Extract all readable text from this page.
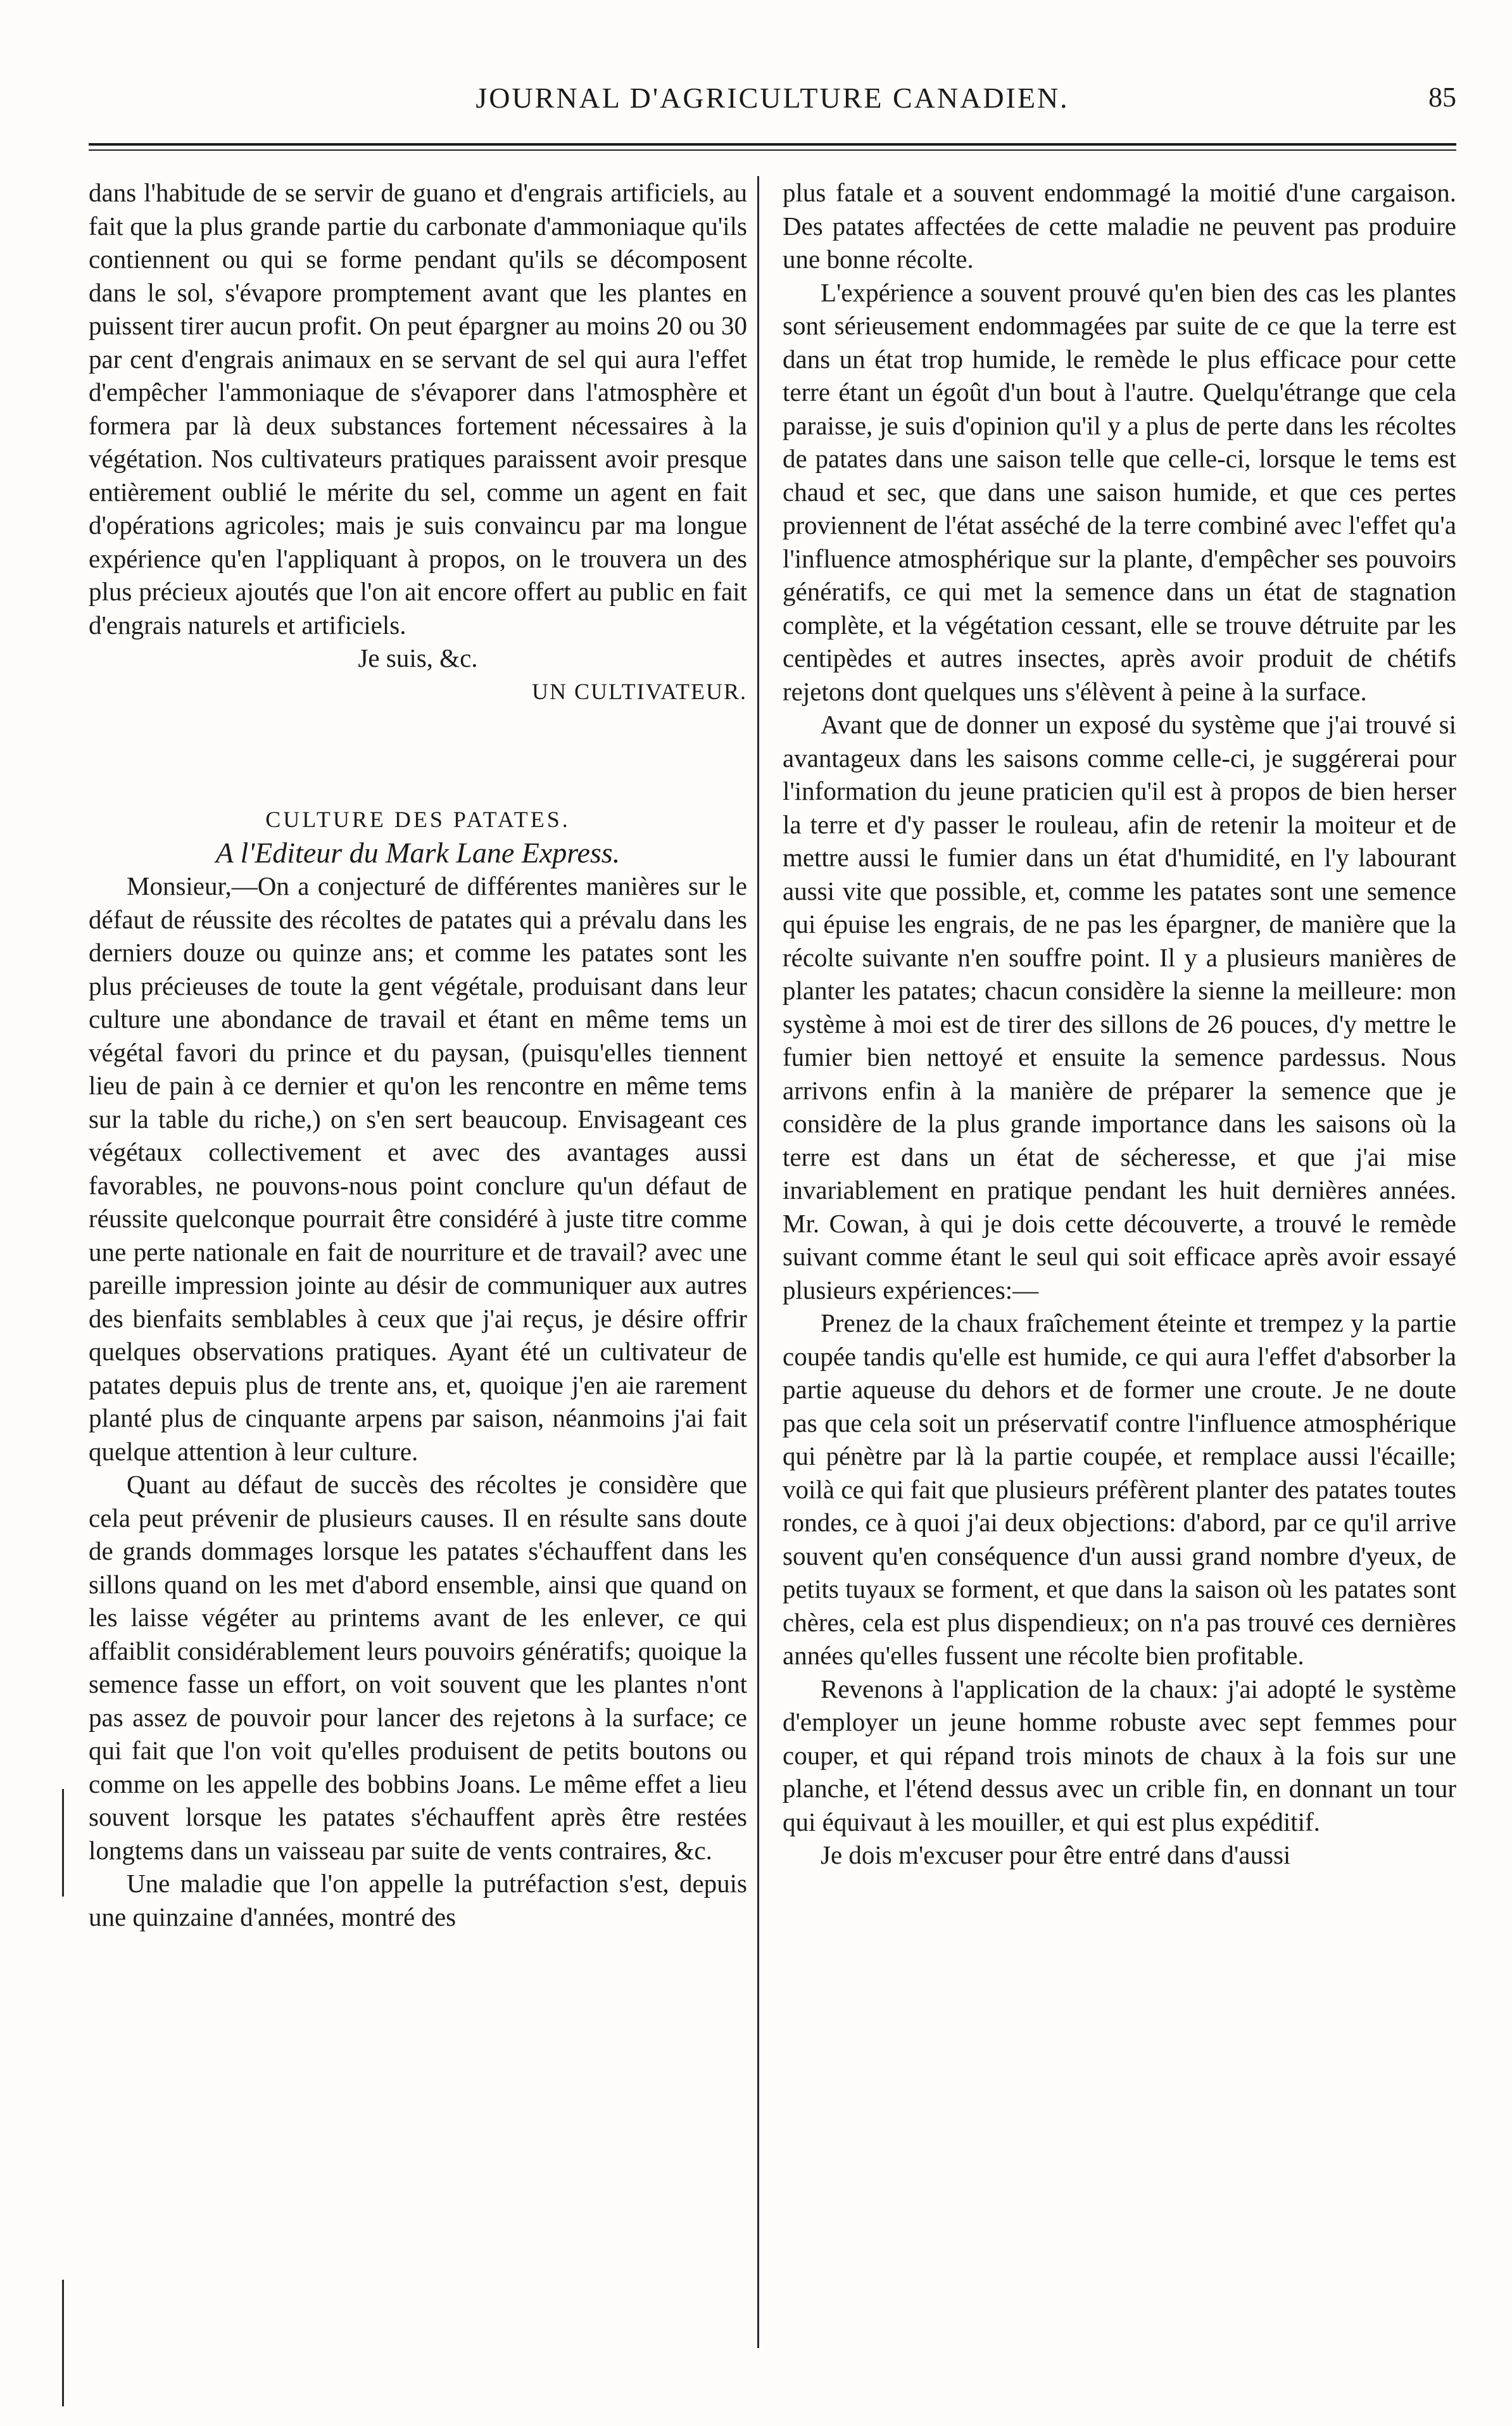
JOURNAL D'AGRICULTURE CANADIEN.	85

dans l'habitude de se servir de guano et d'engrais artificiels, au fait que la plus grande partie du carbonate d'ammoniaque qu'ils contiennent ou qui se forme pendant qu'ils se décomposent dans le sol, s'évapore promptement avant que les plantes en puissent tirer aucun profit. On peut épargner au moins 20 ou 30 par cent d'engrais animaux en se servant de sel qui aura l'effet d'empêcher l'ammoniaque de s'évaporer dans l'atmosphère et formera par là deux substances fortement nécessaires à la végétation. Nos cultivateurs pratiques paraissent avoir presque entièrement oublié le mérite du sel, comme un agent en fait d'opérations agricoles; mais je suis convaincu par ma longue expérience qu'en l'appliquant à propos, on le trouvera un des plus précieux ajoutés que l'on ait encore offert au public en fait d'engrais naturels et artificiels.

Je suis, &c.

UN CULTIVATEUR.

CULTURE DES PATATES.

A l'Editeur du Mark Lane Express.

Monsieur,—On a conjecturé de différentes manières sur le défaut de réussite des récoltes de patates qui a prévalu dans les derniers douze ou quinze ans; et comme les patates sont les plus précieuses de toute la gent végétale, produisant dans leur culture une abondance de travail et étant en même tems un végétal favori du prince et du paysan, (puisqu'elles tiennent lieu de pain à ce dernier et qu'on les rencontre en même tems sur la table du riche,) on s'en sert beaucoup. Envisageant ces végétaux collectivement et avec des avantages aussi favorables, ne pouvons-nous point conclure qu'un défaut de réussite quelconque pourrait être considéré à juste titre comme une perte nationale en fait de nourriture et de travail? avec une pareille impression jointe au désir de communiquer aux autres des bienfaits semblables à ceux que j'ai reçus, je désire offrir quelques observations pratiques. Ayant été un cultivateur de patates depuis plus de trente ans, et, quoique j'en aie rarement planté plus de cinquante arpens par saison, néanmoins j'ai fait quelque attention à leur culture.

Quant au défaut de succès des récoltes je considère que cela peut prévenir de plusieurs causes. Il en résulte sans doute de grands dommages lorsque les patates s'échauffent dans les sillons quand on les met d'abord ensemble, ainsi que quand on les laisse végéter au printems avant de les enlever, ce qui affaiblit considérablement leurs pouvoirs génératifs; quoique la semence fasse un effort, on voit souvent que les plantes n'ont pas assez de pouvoir pour lancer des rejetons à la surface; ce qui fait que l'on voit qu'elles produisent de petits boutons ou comme on les appelle des bobbins Joans. Le même effet a lieu souvent lorsque les patates s'échauffent après être restées longtems dans un vaisseau par suite de vents contraires, &c.

Une maladie que l'on appelle la putréfaction s'est, depuis une quinzaine d'années, montré des

plus fatale et a souvent endommagé la moitié d'une cargaison. Des patates affectées de cette maladie ne peuvent pas produire une bonne récolte.

L'expérience a souvent prouvé qu'en bien des cas les plantes sont sérieusement endommagées par suite de ce que la terre est dans un état trop humide, le remède le plus efficace pour cette terre étant un égoût d'un bout à l'autre. Quelqu'étrange que cela paraisse, je suis d'opinion qu'il y a plus de perte dans les récoltes de patates dans une saison telle que celle-ci, lorsque le tems est chaud et sec, que dans une saison humide, et que ces pertes proviennent de l'état asséché de la terre combiné avec l'effet qu'a l'influence atmosphérique sur la plante, d'empêcher ses pouvoirs génératifs, ce qui met la semence dans un état de stagnation complète, et la végétation cessant, elle se trouve détruite par les centipèdes et autres insectes, après avoir produit de chétifs rejetons dont quelques uns s'élèvent à peine à la surface.

Avant que de donner un exposé du système que j'ai trouvé si avantageux dans les saisons comme celle-ci, je suggérerai pour l'information du jeune praticien qu'il est à propos de bien herser la terre et d'y passer le rouleau, afin de retenir la moiteur et de mettre aussi le fumier dans un état d'humidité, en l'y labourant aussi vite que possible, et, comme les patates sont une semence qui épuise les engrais, de ne pas les épargner, de manière que la récolte suivante n'en souffre point. Il y a plusieurs manières de planter les patates; chacun considère la sienne la meilleure: mon système à moi est de tirer des sillons de 26 pouces, d'y mettre le fumier bien nettoyé et ensuite la semence pardessus. Nous arrivons enfin à la manière de préparer la semence que je considère de la plus grande importance dans les saisons où la terre est dans un état de sécheresse, et que j'ai mise invariablement en pratique pendant les huit dernières années. Mr. Cowan, à qui je dois cette découverte, a trouvé le remède suivant comme étant le seul qui soit efficace après avoir essayé plusieurs expériences:—

Prenez de la chaux fraîchement éteinte et trempez y la partie coupée tandis qu'elle est humide, ce qui aura l'effet d'absorber la partie aqueuse du dehors et de former une croute. Je ne doute pas que cela soit un préservatif contre l'influence atmosphérique qui pénètre par là la partie coupée, et remplace aussi l'écaille; voilà ce qui fait que plusieurs préfèrent planter des patates toutes rondes, ce à quoi j'ai deux objections: d'abord, par ce qu'il arrive souvent qu'en conséquence d'un aussi grand nombre d'yeux, de petits tuyaux se forment, et que dans la saison où les patates sont chères, cela est plus dispendieux; on n'a pas trouvé ces dernières années qu'elles fussent une récolte bien profitable.

Revenons à l'application de la chaux: j'ai adopté le système d'employer un jeune homme robuste avec sept femmes pour couper, et qui répand trois minots de chaux à la fois sur une planche, et l'étend dessus avec un crible fin, en donnant un tour qui équivaut à les mouiller, et qui est plus expéditif.

Je dois m'excuser pour être entré dans d'aussi
